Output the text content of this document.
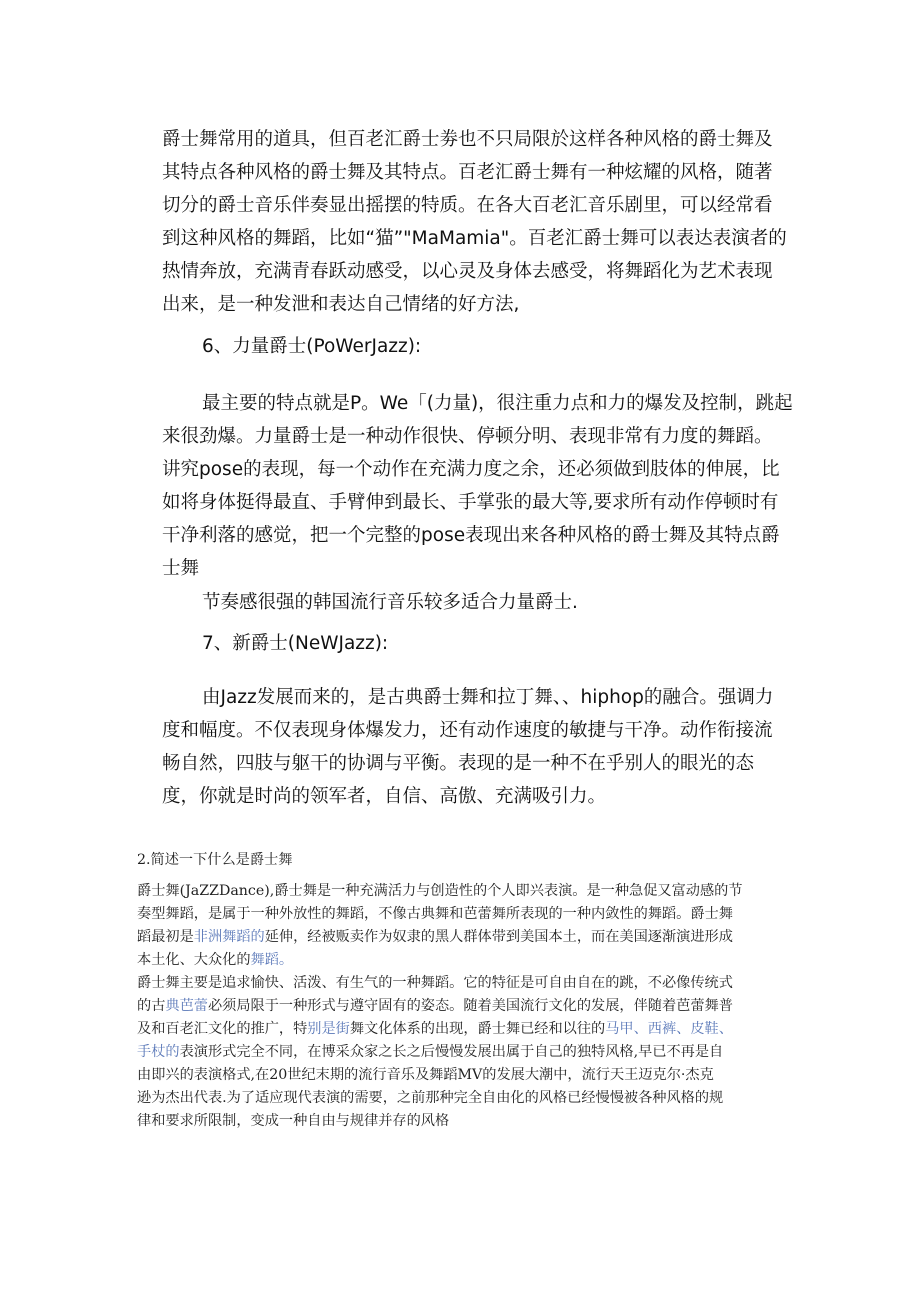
爵士舞常用的道具，但百老汇爵士劵也不只局限於这样各种风格的爵士舞及

其特点各种风格的爵士舞及其特点。百老汇爵士舞有一种炫耀的风格，随著

切分的爵士音乐伴奏显出摇摆的特质。在各大百老汇音乐剧里，可以经常看

到这种风格的舞蹈，比如“猫”"MaMamia"。百老汇爵士舞可以表达表演者的

热情奔放，充满青春跃动感受，以心灵及身体去感受，将舞蹈化为艺术表现

出来，是一种发泄和表达自己情绪的好方法,

6、力量爵士(PoWerJazz):

最主要的特点就是P。We「(力量)，很注重力点和力的爆发及控制，跳起

来很劲爆。力量爵士是一种动作很快、停顿分明、表现非常有力度的舞蹈。

讲究pose的表现，每一个动作在充满力度之余，还必须做到肢体的伸展，比

如将身体挺得最直、手臂伸到最长、手掌张的最大等,要求所有动作停顿时有

干净利落的感觉，把一个完整的pose表现出来各种风格的爵士舞及其特点爵

士舞

节奏感很强的韩国流行音乐较多适合力量爵士.

7、新爵士(NeWJazz):

由Jazz发展而来的，是古典爵士舞和拉丁舞、、hiphop的融合。强调力

度和幅度。不仅表现身体爆发力，还有动作速度的敏捷与干净。动作衔接流

畅自然，四肢与躯干的协调与平衡。表现的是一种不在乎别人的眼光的态

度，你就是时尚的领军者，自信、高傲、充满吸引力。

2.简述一下什么是爵士舞

爵士舞(JaZZDance),爵士舞是一种充满活力与创造性的个人即兴表演。是一种急促又富动感的节

奏型舞蹈，是属于一种外放性的舞蹈，不像古典舞和芭蕾舞所表现的一种内敛性的舞蹈。爵士舞

蹈最初是非洲舞蹈的延伸，经被贩卖作为奴隶的黑人群体带到美国本土，而在美国逐渐演进形成

本土化、大众化的舞蹈。

爵士舞主要是追求愉快、活泼、有生气的一种舞蹈。它的特征是可自由自在的跳，不必像传统式

的古典芭蕾必须局限于一种形式与遵守固有的姿态。随着美国流行文化的发展，伴随着芭蕾舞普

及和百老汇文化的推广，特别是街舞文化体系的出现，爵士舞已经和以往的马甲、西裤、皮鞋、

手杖的表演形式完全不同，在博采众家之长之后慢慢发展出属于自己的独特风格,早已不再是自

由即兴的表演格式,在20世纪末期的流行音乐及舞蹈MV的发展大潮中，流行天王迈克尔·杰克

逊为杰出代表.为了适应现代表演的需要，之前那种完全自由化的风格已经慢慢被各种风格的规

律和要求所限制，变成一种自由与规律并存的风格
